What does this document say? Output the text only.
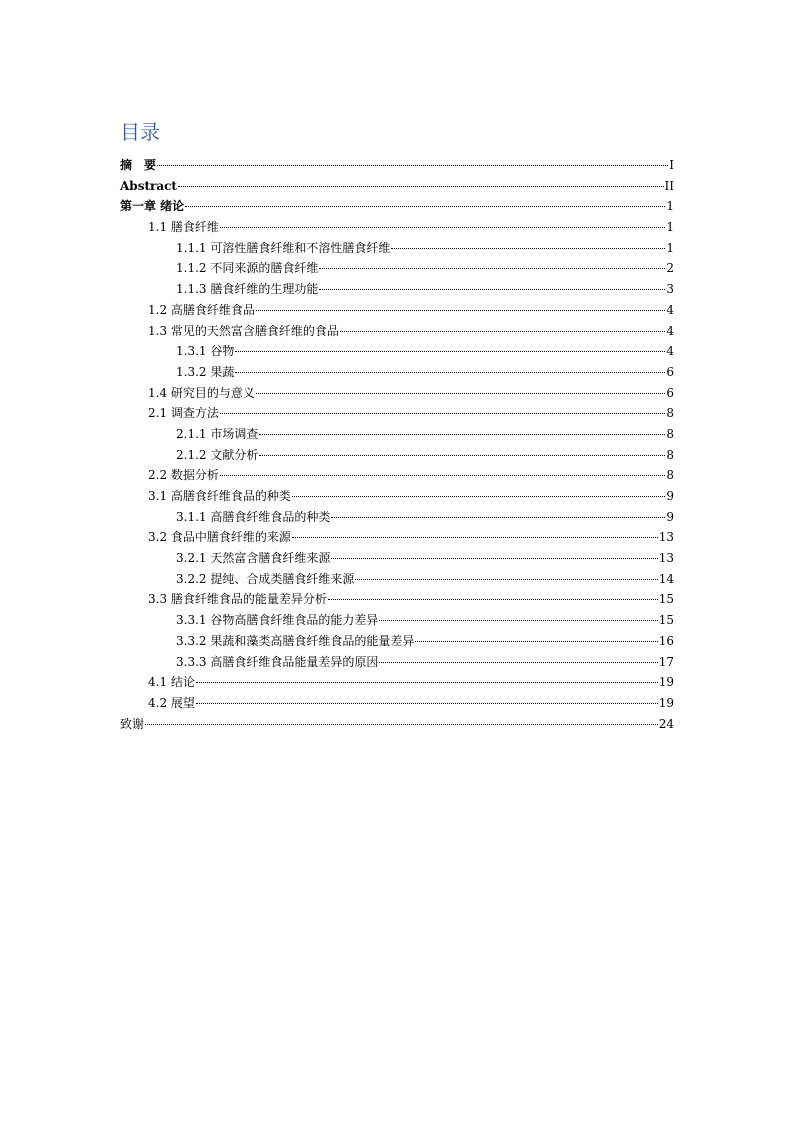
目录
摘　要	I
Abstract	II
第一章 绪论	1
1.1 膳食纤维	1
1.1.1 可溶性膳食纤维和不溶性膳食纤维	1
1.1.2 不同来源的膳食纤维	2
1.1.3 膳食纤维的生理功能	3
1.2 高膳食纤维食品	4
1.3 常见的天然富含膳食纤维的食品	4
1.3.1 谷物	4
1.3.2 果蔬	6
1.4 研究目的与意义	6
2.1 调查方法	8
2.1.1 市场调查	8
2.1.2 文献分析	8
2.2 数据分析	8
3.1 高膳食纤维食品的种类	9
3.1.1 高膳食纤维食品的种类	9
3.2 食品中膳食纤维的来源	13
3.2.1 天然富含膳食纤维来源	13
3.2.2 提纯、合成类膳食纤维来源	14
3.3 膳食纤维食品的能量差异分析	15
3.3.1 谷物高膳食纤维食品的能力差异	15
3.3.2 果蔬和藻类高膳食纤维食品的能量差异	16
3.3.3 高膳食纤维食品能量差异的原因	17
4.1 结论	19
4.2 展望	19
致谢	24
